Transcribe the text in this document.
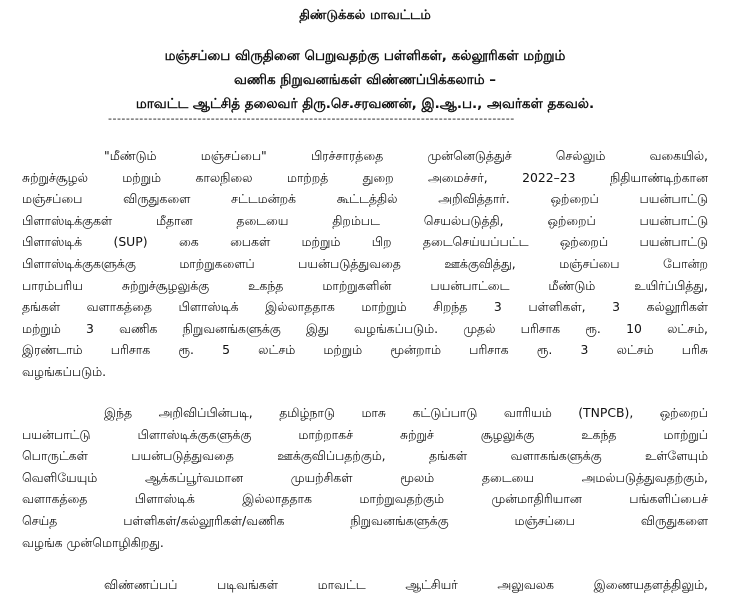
திண்டுக்கல் மாவட்டம்
மஞ்சப்பை விருதினை பெறுவதற்கு பள்ளிகள், கல்லூரிகள் மற்றும்
வணிக நிறுவனங்கள் விண்ணப்பிக்கலாம் –
மாவட்ட ஆட்சித் தலைவர் திரு.செ.சரவணன், இ.ஆ.ப., அவர்கள் தகவல்.
-------------------------------------------------------------------------------------------
"மீண்டும் மஞ்சப்பை" பிரச்சாரத்தை முன்னெடுத்துச் செல்லும் வகையில்,
சுற்றுச்சூழல் மற்றும் காலநிலை மாற்றத் துறை அமைச்சர், 2022–23 நிதியாண்டிற்கான
மஞ்சப்பை விருதுகளை சட்டமன்றக் கூட்டத்தில் அறிவித்தார். ஒற்றைப் பயன்பாட்டு
பிளாஸ்டிக்குகள் மீதான தடையை திறம்பட செயல்படுத்தி, ஒற்றைப் பயன்பாட்டு
பிளாஸ்டிக் (SUP) கை பைகள் மற்றும் பிற தடைசெய்யப்பட்ட ஒற்றைப் பயன்பாட்டு
பிளாஸ்டிக்குகளுக்கு மாற்றுகளைப் பயன்படுத்துவதை ஊக்குவித்து, மஞ்சப்பை போன்ற
பாரம்பரிய சுற்றுச்சூழலுக்கு உகந்த மாற்றுகளின் பயன்பாட்டை மீண்டும் உயிர்ப்பித்து,
தங்கள் வளாகத்தை பிளாஸ்டிக் இல்லாததாக மாற்றும் சிறந்த 3 பள்ளிகள், 3 கல்லூரிகள்
மற்றும் 3 வணிக நிறுவனங்களுக்கு இது வழங்கப்படும். முதல் பரிசாக ரூ. 10 லட்சம்,
இரண்டாம் பரிசாக ரூ. 5 லட்சம் மற்றும் மூன்றாம் பரிசாக ரூ. 3 லட்சம் பரிசு
வழங்கப்படும்.
இந்த அறிவிப்பின்படி, தமிழ்நாடு மாசு கட்டுப்பாடு வாரியம் (TNPCB), ஒற்றைப்
பயன்பாட்டு பிளாஸ்டிக்குகளுக்கு மாற்றாகச் சுற்றுச் சூழலுக்கு உகந்த மாற்றுப்
பொருட்கள் பயன்படுத்துவதை ஊக்குவிப்பதற்கும், தங்கள் வளாகங்களுக்கு உள்ளேயும்
வெளியேயும் ஆக்கப்பூர்வமான முயற்சிகள் மூலம் தடையை அமல்படுத்துவதற்கும்,
வளாகத்தை பிளாஸ்டிக் இல்லாததாக மாற்றுவதற்கும் முன்மாதிரியான பங்களிப்பைச்
செய்த பள்ளிகள்/கல்லூரிகள்/வணிக நிறுவனங்களுக்கு மஞ்சப்பை விருதுகளை
வழங்க முன்மொழிகிறது.
விண்ணப்பப் படிவங்கள் மாவட்ட ஆட்சியர் அலுவலக இணையதளத்திலும்,
